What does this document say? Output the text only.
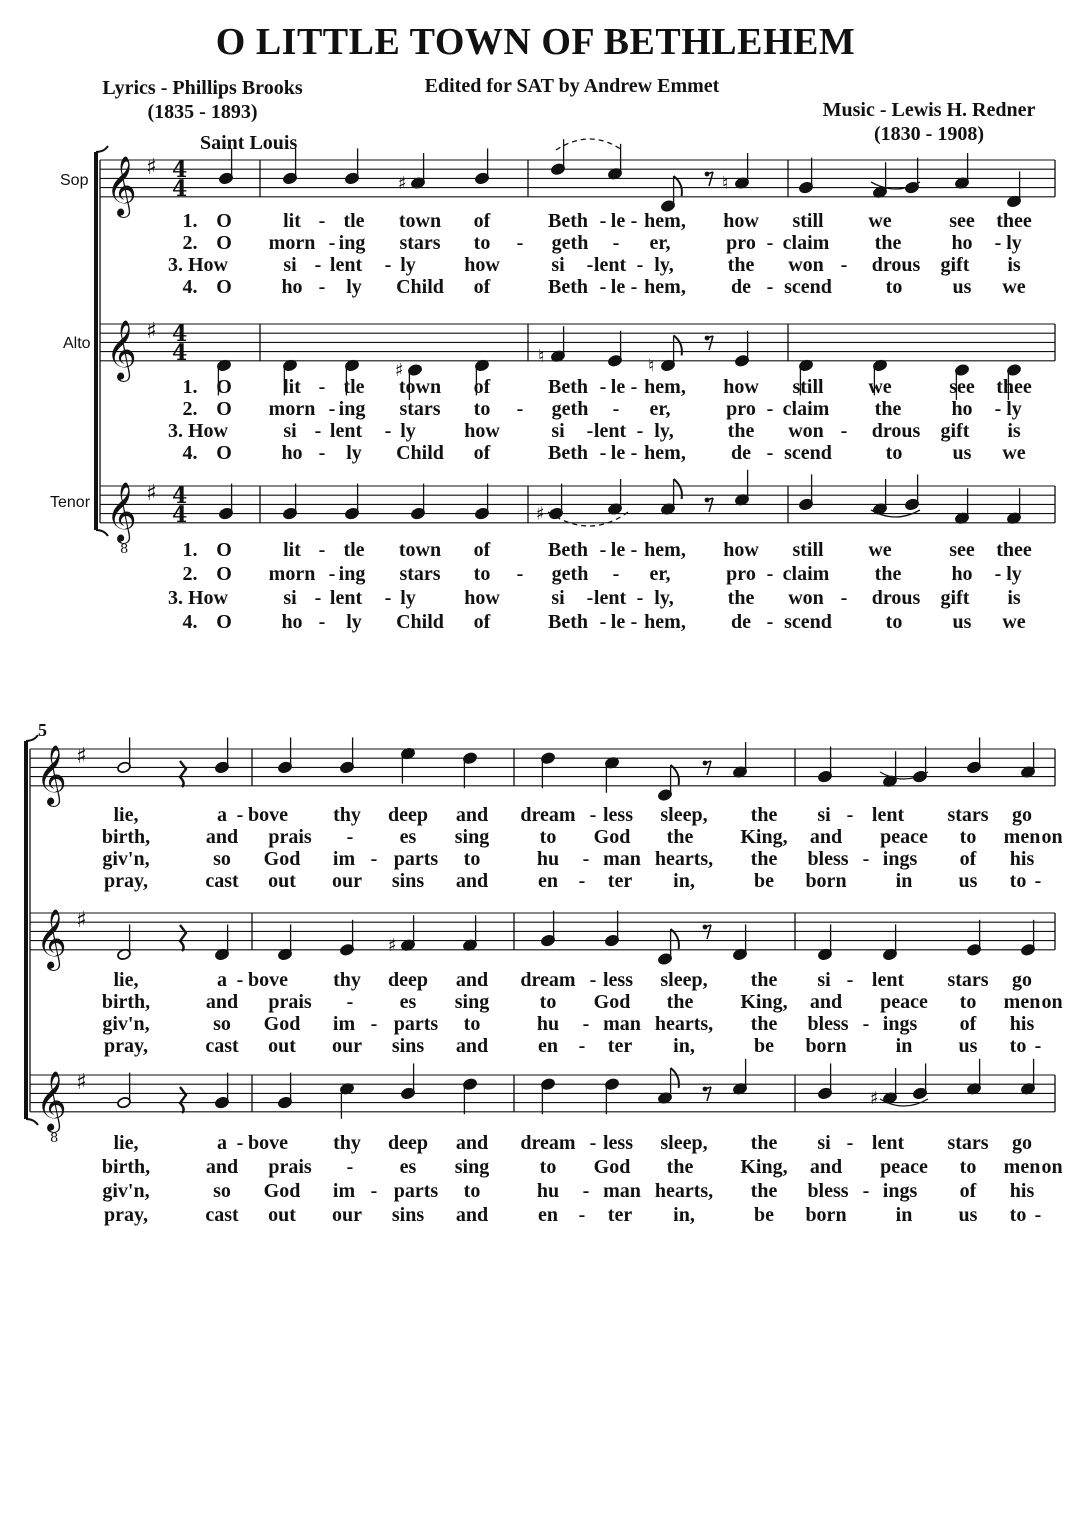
O LITTLE TOWN OF BETHLEHEM
Lyrics - Phillips Brooks
(1835 - 1893)
Edited for SAT by Andrew Emmet
Music - Lewis H. Redner
(1830 - 1908)
Saint Louis
Sop
Alto
Tenor
5
𝄞 ♯ 4
4
𝄞 ♯ 4
4
𝄞 ♯ 4
4
8
𝄞 ♯
𝄞 ♯
𝄞 ♯
8
♯	♮
♯
♮	♮
♯
♯
♯
1. O	lit - tle town of	Beth - le - hem, how still we	see thee
2. O morn - ing stars to - geth - er,	pro - claim the	ho - ly
3. How	si - lent - ly how	si - lent - ly,	the won - drous gift is
4. O ho - ly Child of	Beth - le - hem, de - scend	to	us we
1. O	lit - tle town of	Beth - le - hem, how still we	see thee
2. O morn - ing stars to - geth - er,	pro - claim the	ho - ly
3. How	si - lent - ly how	si - lent - ly,	the won - drous gift is
4. O ho - ly Child of	Beth - le - hem, de - scend	to	us we
1. O	lit - tle town of	Beth - le - hem, how still we	see thee
2. O morn - ing stars to - geth - er,	pro - claim the	ho - ly
3. How	si - lent - ly how	si - lent - ly,	the won - drous gift is
4. O ho - ly Child of	Beth - le - hem, de - scend	to	us we
lie,	a - bove thy deep and dream - less sleep, the si - lent stars go
birth,	and prais - es sing	to God the King, and peace to men on
giv'n,	so God im - parts to	hu - man hearts, the bless - ings of his
pray,	cast out our sins and en - ter in,	be born in us to -
lie,	a - bove thy deep and dream - less sleep, the si - lent stars go
birth,	and prais - es sing	to God the King, and peace to men on
giv'n,	so God im - parts to	hu - man hearts, the bless - ings of his
pray,	cast out our sins and en - ter in,	be born in us to -
lie,	a - bove thy deep and dream - less sleep, the si - lent stars go
birth,	and prais - es sing	to God the King, and peace to men on
giv'n,	so God im - parts to	hu - man hearts, the bless - ings of his
pray,	cast out our sins and en - ter in,	be born in us to -
